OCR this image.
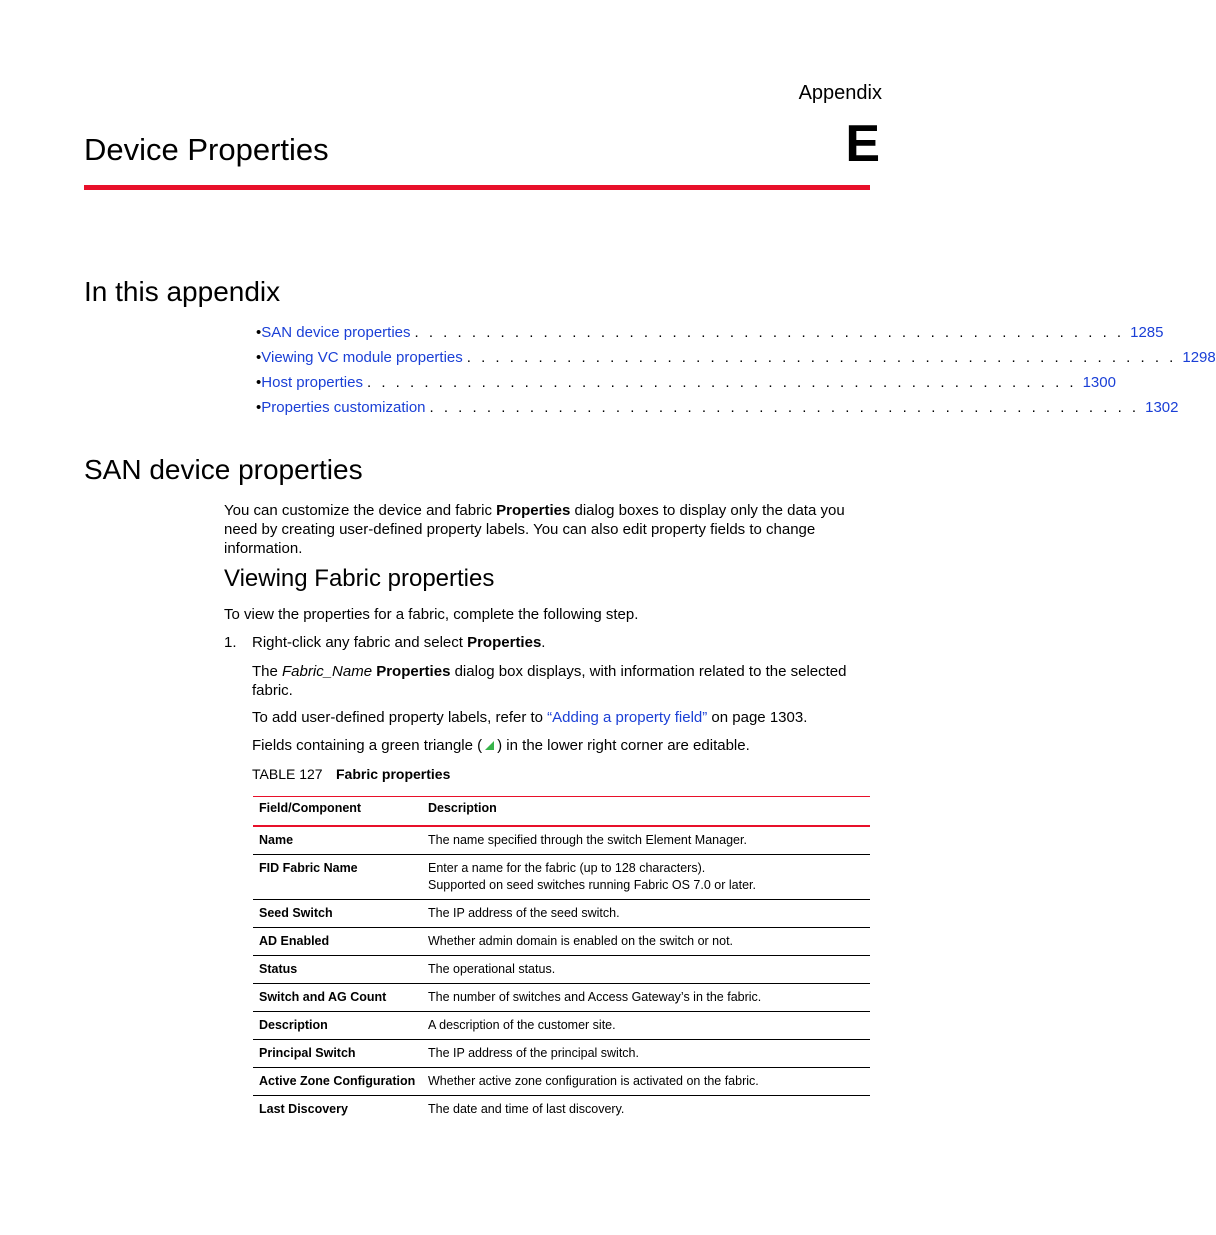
Appendix
E
Device Properties
In this appendix
• SAN device properties . . . . . . . . . . . . . . . . . . . . . . . . . . . . . . . . . . . . . . . . . . . . . . . . . . 1285
• Viewing VC module properties . . . . . . . . . . . . . . . . . . . . . . . . . . . . . . . . . . . . . . . . . . . . . . . . . . 1298
• Host properties . . . . . . . . . . . . . . . . . . . . . . . . . . . . . . . . . . . . . . . . . . . . . . . . . . 1300
• Properties customization . . . . . . . . . . . . . . . . . . . . . . . . . . . . . . . . . . . . . . . . . . . . . . . . . . 1302
SAN device properties
You can customize the device and fabric Properties dialog boxes to display only the data you need by creating user-defined property labels. You can also edit property fields to change information.
Viewing Fabric properties
To view the properties for a fabric, complete the following step.
1. Right-click any fabric and select Properties.
The Fabric_Name Properties dialog box displays, with information related to the selected fabric.
To add user-defined property labels, refer to “Adding a property field” on page 1303.
Fields containing a green triangle ( ) in the lower right corner are editable.
TABLE 127 Fabric properties
Field/Component	Description
Name	The name specified through the switch Element Manager.
FID Fabric Name	Enter a name for the fabric (up to 128 characters).
Supported on seed switches running Fabric OS 7.0 or later.

Seed Switch	The IP address of the seed switch.
AD Enabled	Whether admin domain is enabled on the switch or not.
Status	The operational status.
Switch and AG Count	The number of switches and Access Gateway’s in the fabric.
Description	A description of the customer site.
Principal Switch	The IP address of the principal switch.
Active Zone Configuration	Whether active zone configuration is activated on the fabric.
Last Discovery	The date and time of last discovery.
